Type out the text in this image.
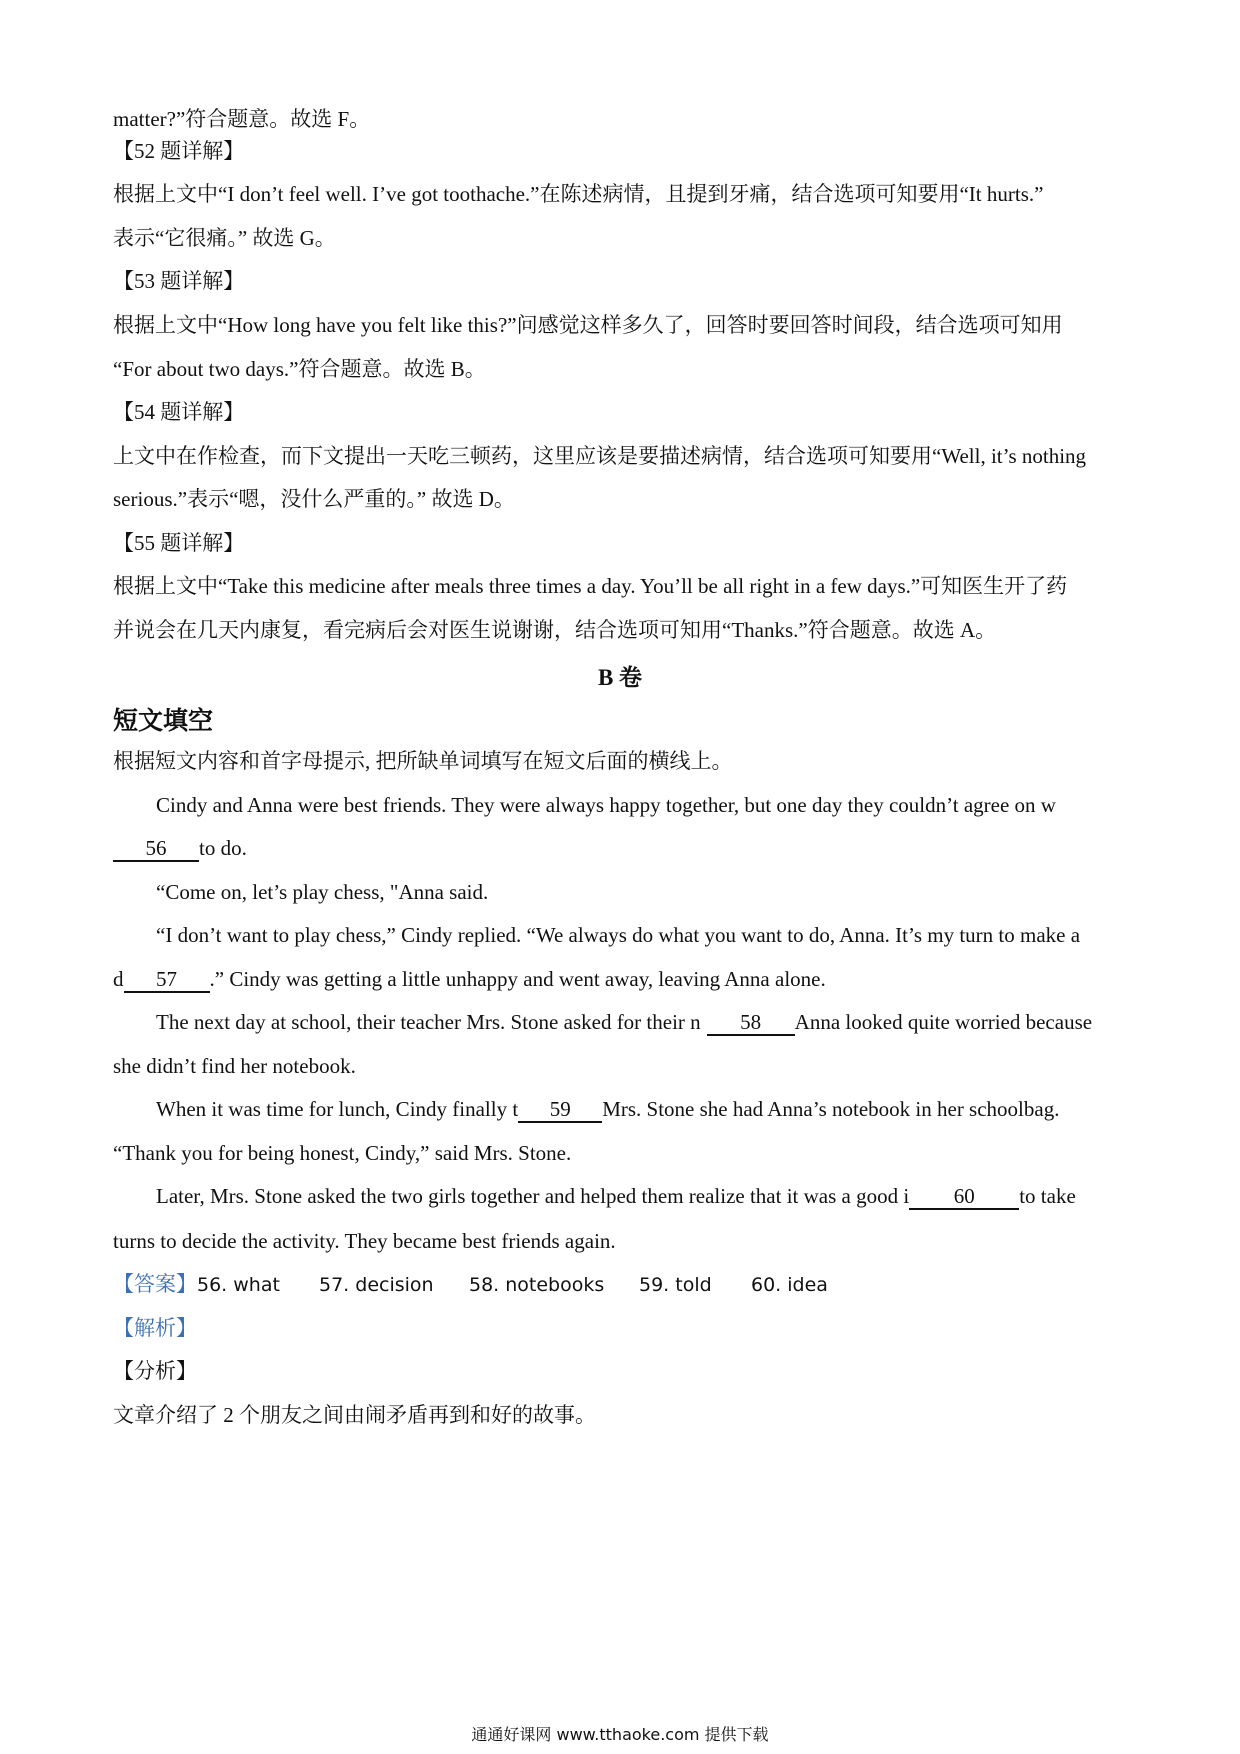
matter?”符合题意。故选 F。
【52 题详解】
根据上文中“I don’t feel well. I’ve got toothache.”在陈述病情，且提到牙痛，结合选项可知要用“It hurts.”
表示“它很痛。” 故选 G。
【53 题详解】
根据上文中“How long have you felt like this?”问感觉这样多久了，回答时要回答时间段，结合选项可知用
“For about two days.”符合题意。故选 B。
【54 题详解】
上文中在作检查，而下文提出一天吃三顿药，这里应该是要描述病情，结合选项可知要用“Well, it’s nothing
serious.”表示“嗯，没什么严重的。” 故选 D。
【55 题详解】
根据上文中“Take this medicine after meals three times a day. You’ll be all right in a few days.”可知医生开了药
并说会在几天内康复，看完病后会对医生说谢谢，结合选项可知用“Thanks.”符合题意。故选 A。
B 卷
短文填空
根据短文内容和首字母提示, 把所缺单词填写在短文后面的横线上。
Cindy and Anna were best friends. They were always happy together, but one day they couldn’t agree on w
56 to do.
“Come on, let’s play chess, "Anna said.
“I don’t want to play chess,” Cindy replied. “We always do what you want to do, Anna. It’s my turn to make a
d 57 .” Cindy was getting a little unhappy and went away, leaving Anna alone.
The next day at school, their teacher Mrs. Stone asked for their n 58 Anna looked quite worried because
she didn’t find her notebook.
When it was time for lunch, Cindy finally t 59 Mrs. Stone she had Anna’s notebook in her schoolbag.
“Thank you for being honest, Cindy,” said Mrs. Stone.
Later, Mrs. Stone asked the two girls together and helped them realize that it was a good i 60 to take
turns to decide the activity. They became best friends again.
【答案】56. what 57. decision 58. notebooks 59. told 60. idea
【解析】
【分析】
文章介绍了 2 个朋友之间由闹矛盾再到和好的故事。
通通好课网 www.tthaoke.com 提供下载
